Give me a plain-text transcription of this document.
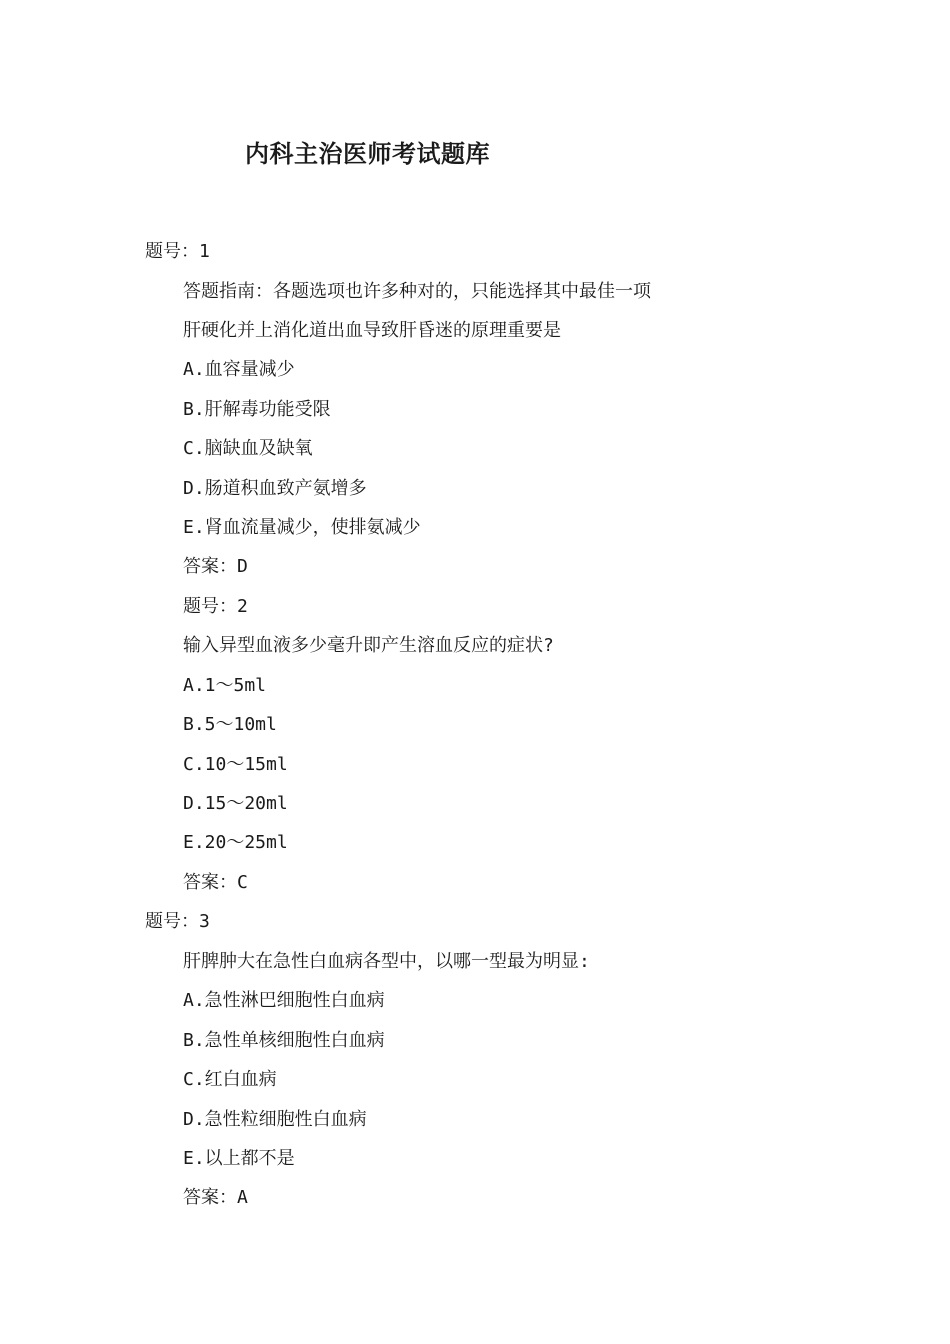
内科主治医师考试题库
题号：1
答题指南：各题选项也许多种对的，只能选择其中最佳一项
肝硬化并上消化道出血导致肝昏迷的原理重要是
A.血容量减少
B.肝解毒功能受限
C.脑缺血及缺氧
D.肠道积血致产氨增多
E.肾血流量减少，使排氨减少
答案：D
题号：2
输入异型血液多少毫升即产生溶血反应的症状?
A.1～5ml
B.5～10ml
C.10～15ml
D.15～20ml
E.20～25ml
答案：C
题号：3
肝脾肿大在急性白血病各型中，以哪一型最为明显:
A.急性淋巴细胞性白血病
B.急性单核细胞性白血病
C.红白血病
D.急性粒细胞性白血病
E.以上都不是
答案：A
